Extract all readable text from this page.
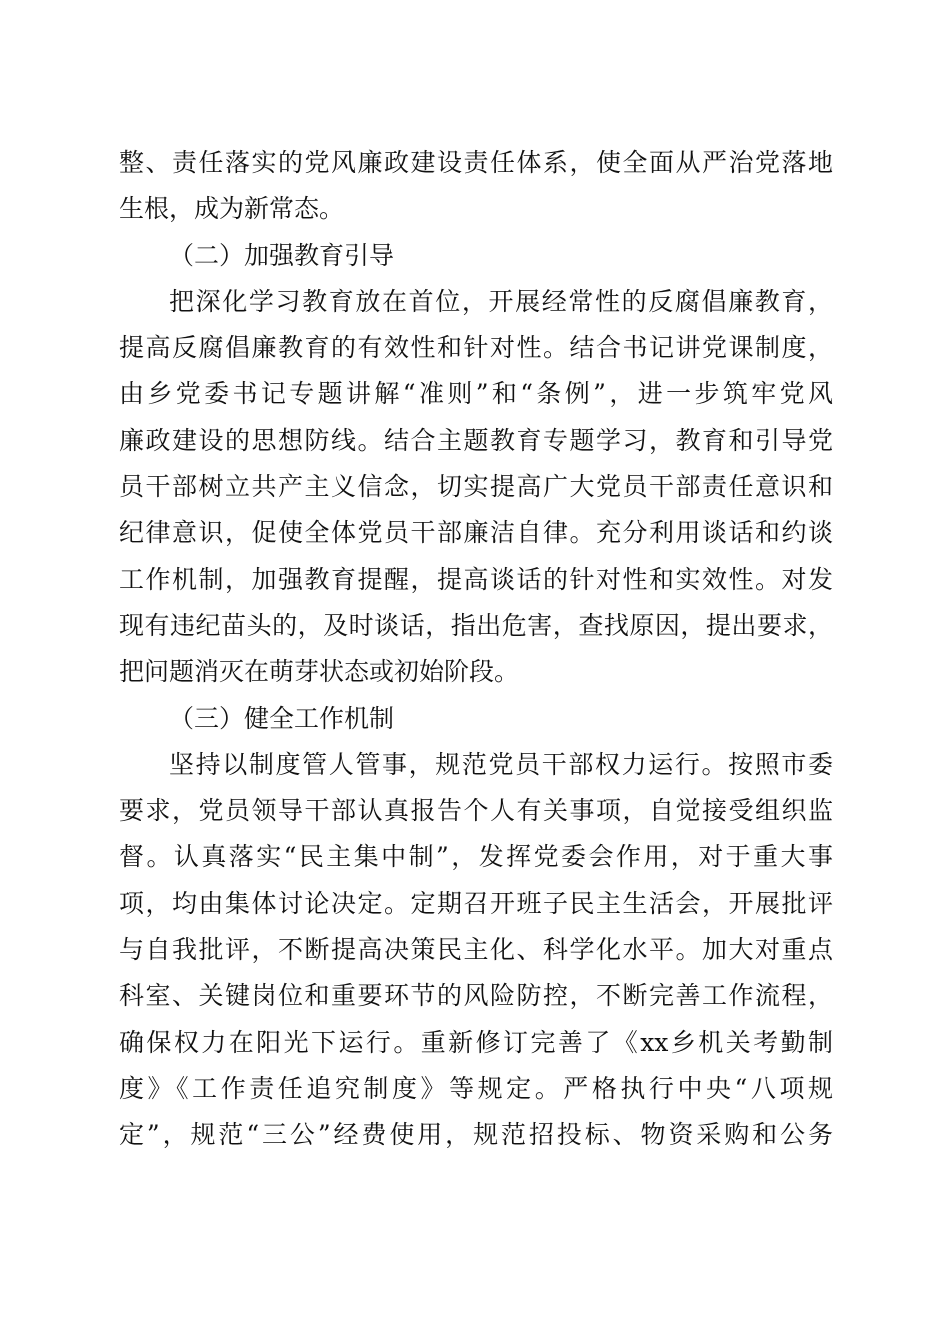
整、责任落实的党风廉政建设责任体系，使全面从严治党落地
生根，成为新常态。
（二）加强教育引导
把深化学习教育放在首位，开展经常性的反腐倡廉教育，
提高反腐倡廉教育的有效性和针对性。结合书记讲党课制度，
由乡党委书记专题讲解“准则”和“条例”，进一步筑牢党风
廉政建设的思想防线。结合主题教育专题学习，教育和引导党
员干部树立共产主义信念，切实提高广大党员干部责任意识和
纪律意识，促使全体党员干部廉洁自律。充分利用谈话和约谈
工作机制，加强教育提醒，提高谈话的针对性和实效性。对发
现有违纪苗头的，及时谈话，指出危害，查找原因，提出要求，
把问题消灭在萌芽状态或初始阶段。
（三）健全工作机制
坚持以制度管人管事，规范党员干部权力运行。按照市委
要求，党员领导干部认真报告个人有关事项，自觉接受组织监
督。认真落实“民主集中制”，发挥党委会作用，对于重大事
项，均由集体讨论决定。定期召开班子民主生活会，开展批评
与自我批评，不断提高决策民主化、科学化水平。加大对重点
科室、关键岗位和重要环节的风险防控，不断完善工作流程，
确保权力在阳光下运行。重新修订完善了《xx乡机关考勤制
度》《工作责任追究制度》等规定。严格执行中央“八项规
定”，规范“三公”经费使用，规范招投标、物资采购和公务
